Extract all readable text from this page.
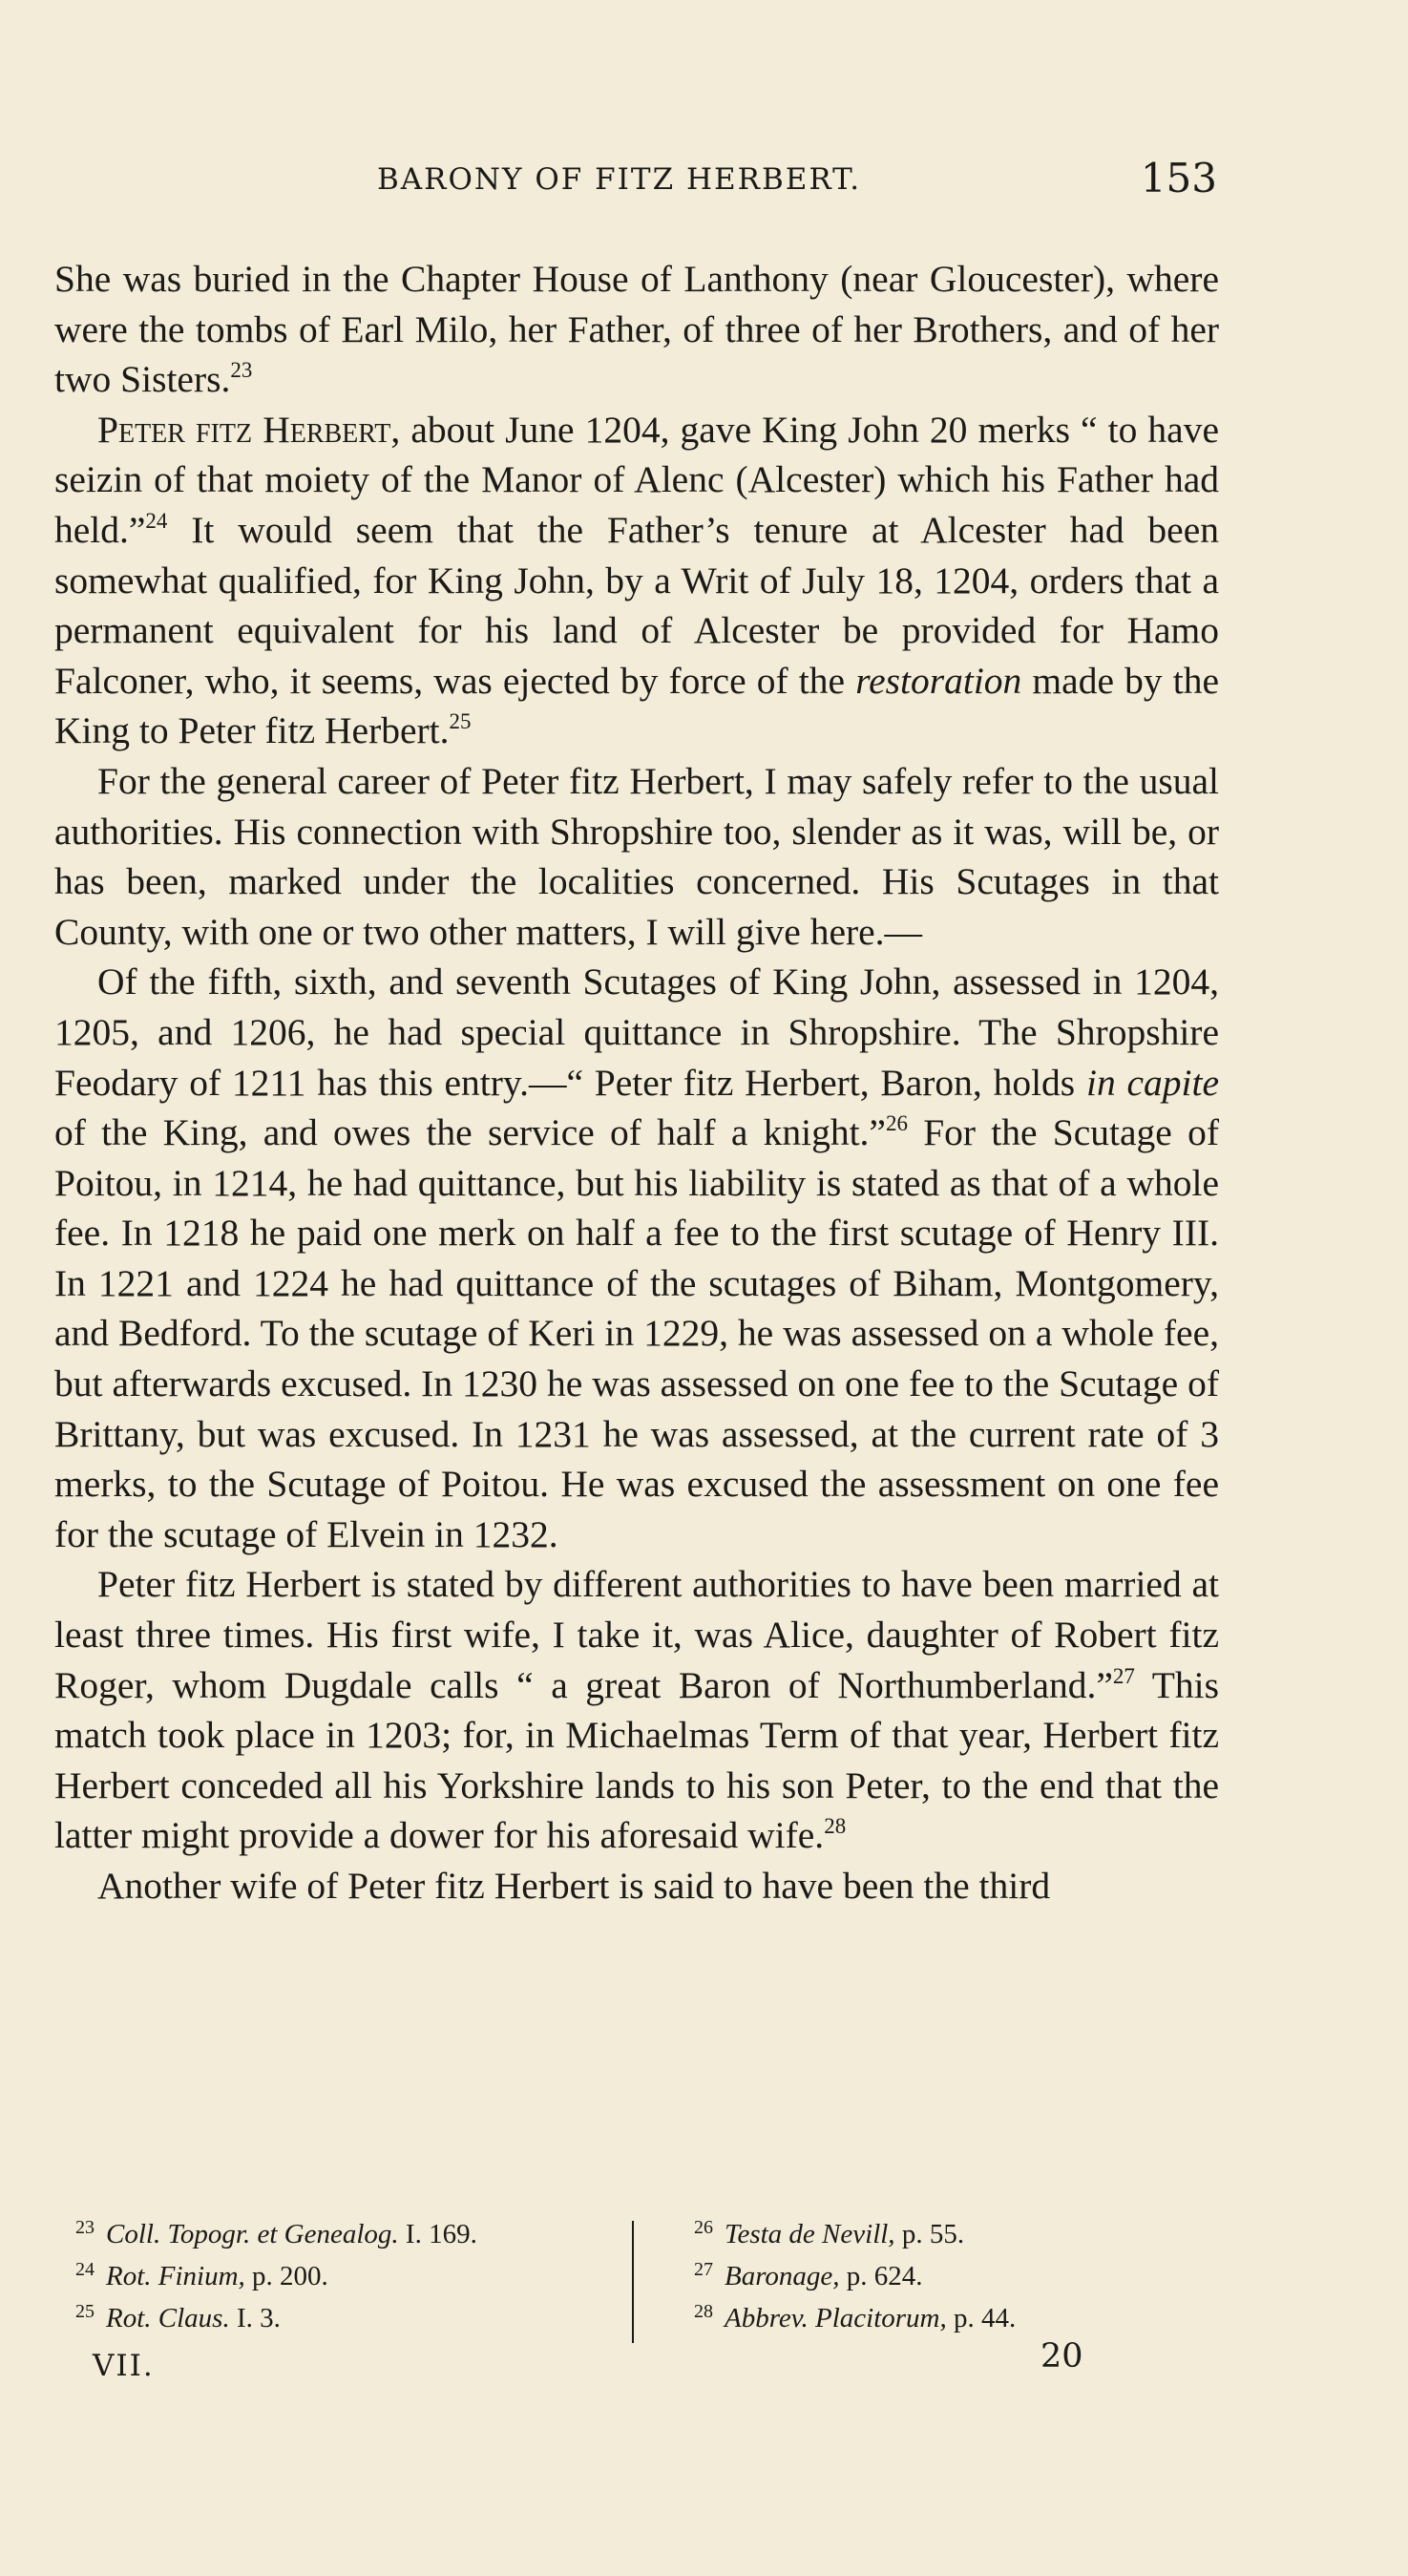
BARONY OF FITZ HERBERT.	153

She was buried in the Chapter House of Lanthony (near Gloucester), where were the tombs of Earl Milo, her Father, of three of her Brothers, and of her two Sisters.$^{23}$

Peter fitz Herbert, about June 1204, gave King John 20 merks “ to have seizin of that moiety of the Manor of Alenc (Alcester) which his Father had held.”$^{24}$ It would seem that the Father’s tenure at Alcester had been somewhat qualified, for King John, by a Writ of July 18, 1204, orders that a permanent equivalent for his land of Alcester be provided for Hamo Falconer, who, it seems, was ejected by force of the restoration made by the King to Peter fitz Herbert.$^{25}$

For the general career of Peter fitz Herbert, I may safely refer to the usual authorities. His connection with Shropshire too, slender as it was, will be, or has been, marked under the localities concerned. His Scutages in that County, with one or two other matters, I will give here.—

Of the fifth, sixth, and seventh Scutages of King John, assessed in 1204, 1205, and 1206, he had special quittance in Shropshire. The Shropshire Feodary of 1211 has this entry.—“ Peter fitz Herbert, Baron, holds in capite of the King, and owes the service of half a knight.”$^{26}$ For the Scutage of Poitou, in 1214, he had quittance, but his liability is stated as that of a whole fee. In 1218 he paid one merk on half a fee to the first scutage of Henry III. In 1221 and 1224 he had quittance of the scutages of Biham, Montgomery, and Bedford. To the scutage of Keri in 1229, he was assessed on a whole fee, but afterwards excused. In 1230 he was assessed on one fee to the Scutage of Brittany, but was excused. In 1231 he was assessed, at the current rate of 3 merks, to the Scutage of Poitou. He was excused the assessment on one fee for the scutage of Elvein in 1232.

Peter fitz Herbert is stated by different authorities to have been married at least three times. His first wife, I take it, was Alice, daughter of Robert fitz Roger, whom Dugdale calls “ a great Baron of Northumberland.”$^{27}$ This match took place in 1203; for, in Michaelmas Term of that year, Herbert fitz Herbert conceded all his Yorkshire lands to his son Peter, to the end that the latter might provide a dower for his aforesaid wife.$^{28}$

Another wife of Peter fitz Herbert is said to have been the third

$^{23}$ Coll. Topogr. et Genealog. I. 169.
$^{24}$ Rot. Finium, p. 200.
$^{25}$ Rot. Claus. I. 3.
$^{26}$ Testa de Nevill, p. 55.
$^{27}$ Baronage, p. 624.
$^{28}$ Abbrev. Placitorum, p. 44.
VII.	20
